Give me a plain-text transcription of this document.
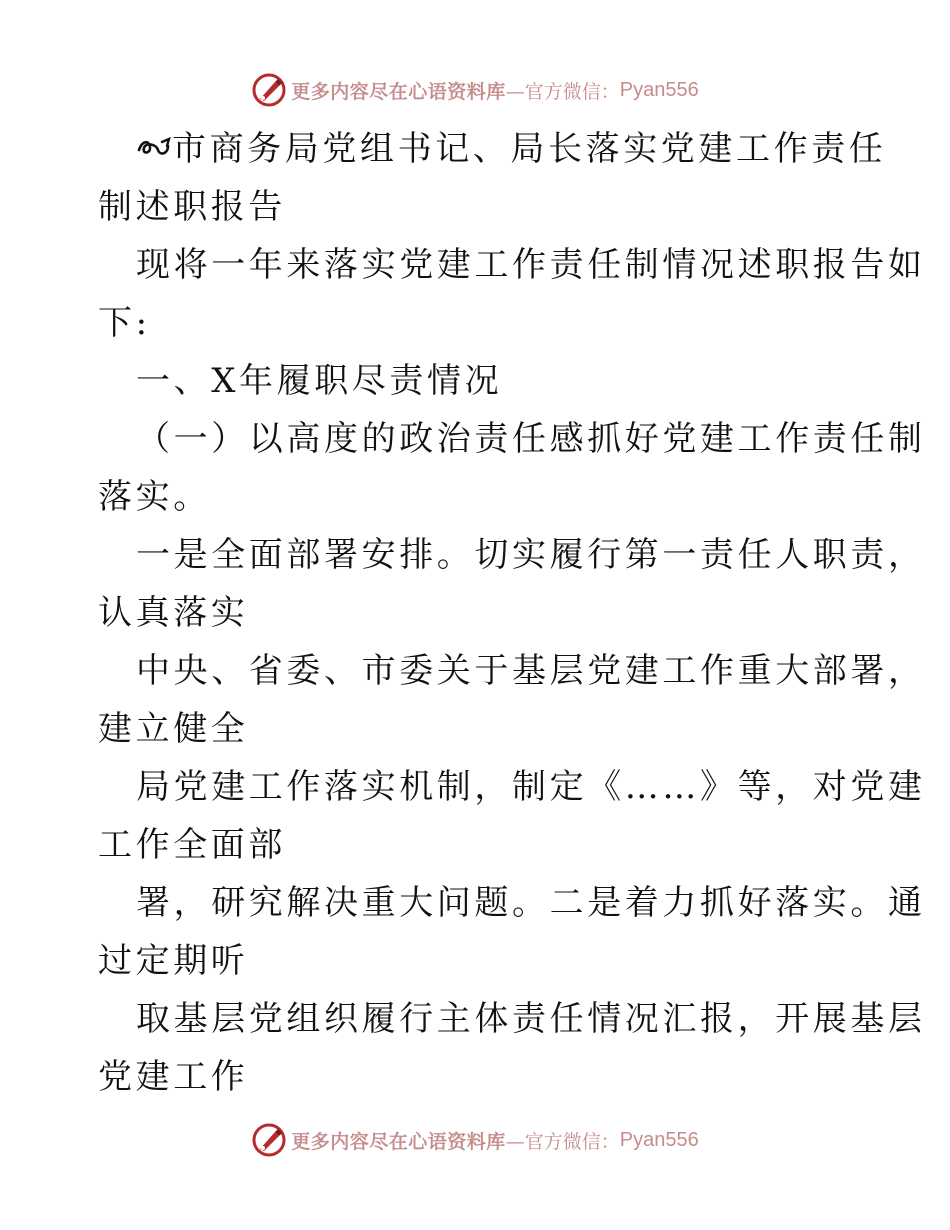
更多内容尽在心语资料库 —官方微信： Pyan556
市商务局党组书记、局长落实党建工作责任
制述职报告
现将一年来落实党建工作责任制情况述职报告如
下:
一、X年履职尽责情况
（一）以高度的政治责任感抓好党建工作责任制
落实。
一是全面部署安排。切实履行第一责任人职责，
认真落实
中央、省委、市委关于基层党建工作重大部署，
建立健全
局党建工作落实机制，制定《……》等，对党建
工作全面部
署，研究解决重大问题。二是着力抓好落实。通
过定期听
取基层党组织履行主体责任情况汇报，开展基层
党建工作
更多内容尽在心语资料库 —官方微信： Pyan556
